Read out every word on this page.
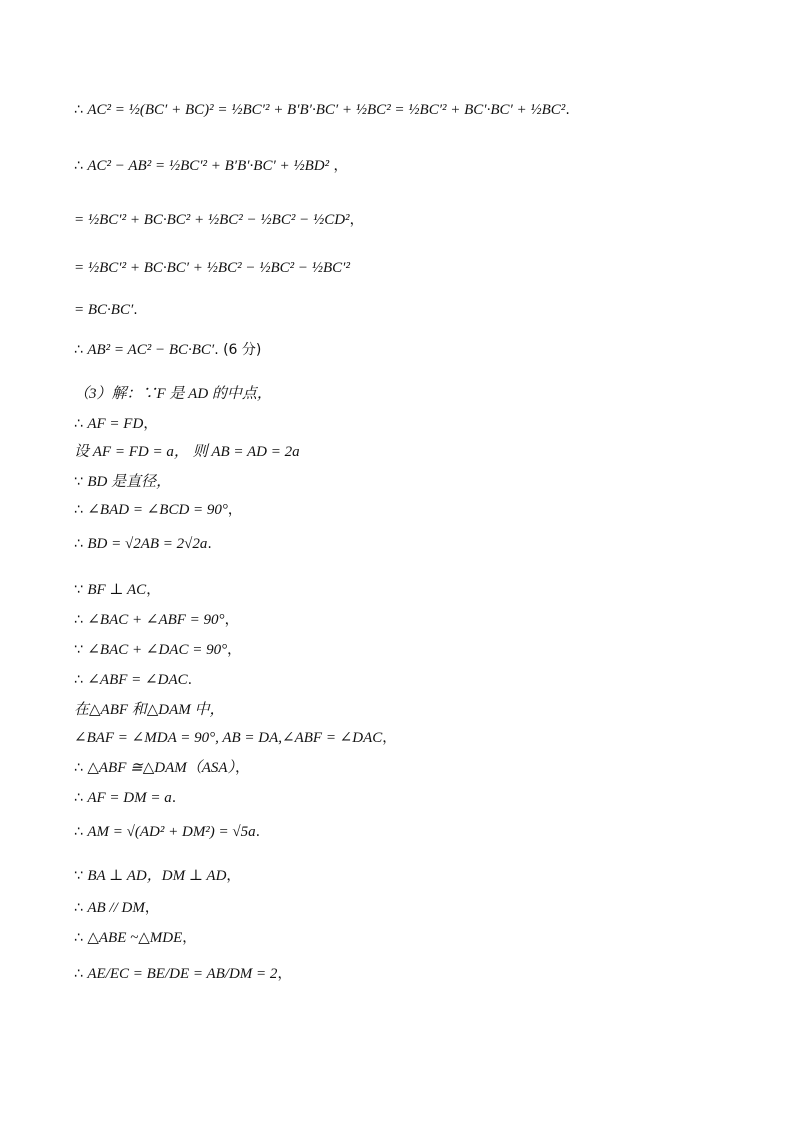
∴ AC² = ½(BC′ + BC)² = ½BC′² + B′B′·BC′ + ½BC² = ½BC′² + BC′·BC′ + ½BC².
∴ AC² − AB² = ½BC′² + B′B′·BC′ + ½BD² ，
= ½BC′² + BC·BC² + ½BC² − ½BC² − ½CD²，
= ½BC′² + BC·BC′ + ½BC² − ½BC² − ½BC′²
= BC·BC′.
∴ AB² = AC² − BC·BC′. (6 分)
（3）解：∵F 是 AD 的中点，
∴ AF = FD，
设 AF = FD = a， 则 AB = AD = 2a
∵ BD 是直径，
∴ ∠BAD = ∠BCD = 90°，
∴ BD = √2AB = 2√2a.
∵ BF ⊥ AC，
∴ ∠BAC + ∠ABF = 90°，
∵ ∠BAC + ∠DAC = 90°，
∴ ∠ABF = ∠DAC.
在△ABF 和△DAM 中，
∠BAF = ∠MDA = 90°, AB = DA,∠ABF = ∠DAC，
∴ △ABF ≅△DAM（ASA），
∴ AF = DM = a.
∴ AM = √(AD² + DM²) = √5a.
∵ BA ⊥ AD，DM ⊥ AD，
∴ AB // DM，
∴ △ABE ~△MDE，
∴ AE/EC = BE/DE = AB/DM = 2，
